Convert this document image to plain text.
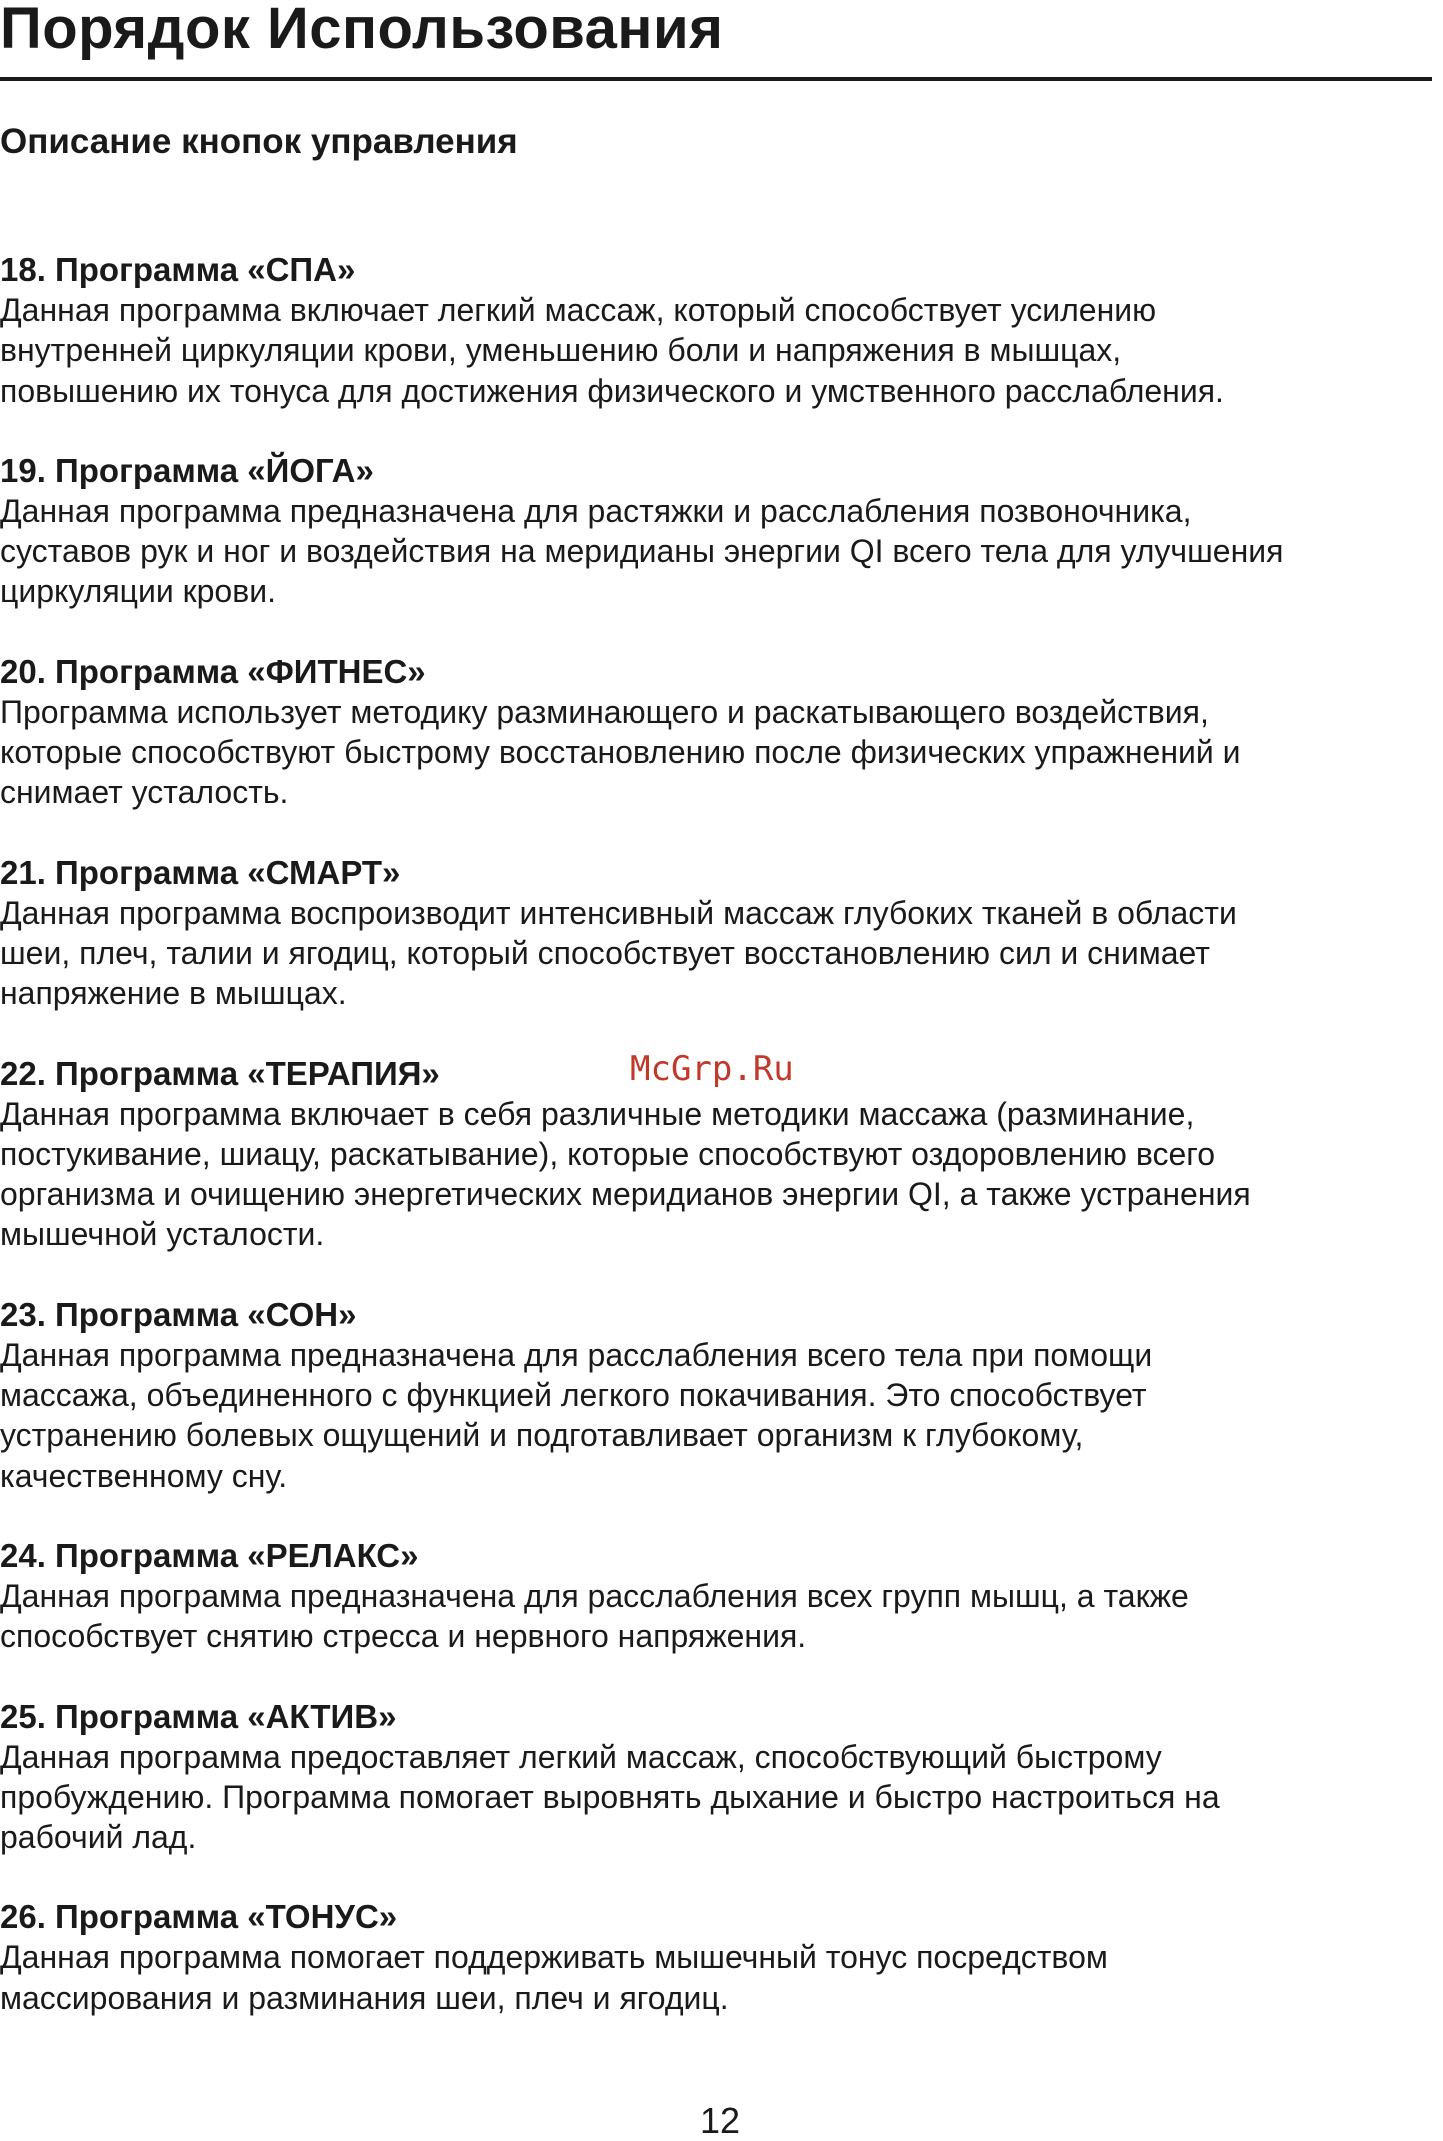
Порядок Использования
Описание кнопок управления
18. Программа «СПА»

Данная программа включает легкий массаж, который способствует усилению
внутренней циркуляции крови, уменьшению боли и напряжения в мышцах,
повышению их тонуса для достижения физического и умственного расслабления.

19. Программа «ЙОГА»

Данная программа предназначена для растяжки и расслабления позвоночника,
суставов рук и ног и воздействия на меридианы энергии QI всего тела для улучшения
циркуляции крови.

20. Программа «ФИТНЕС»

Программа использует методику разминающего и раскатывающего воздействия,
которые способствуют быстрому восстановлению после физических упражнений и
снимает усталость.

21. Программа «СМАРТ»

Данная программа воспроизводит интенсивный массаж глубоких тканей в области
шеи, плеч, талии и ягодиц, который способствует восстановлению сил и снимает
напряжение в мышцах.

22. Программа «ТЕРАПИЯ»

Данная программа включает в себя различные методики массажа (разминание,
постукивание, шиацу, раскатывание), которые способствуют оздоровлению всего
организма и очищению энергетических меридианов энергии QI, а также устранения
мышечной усталости.

23. Программа «СОН»

Данная программа предназначена для расслабления всего тела при помощи
массажа, объединенного с функцией легкого покачивания. Это способствует
устранению болевых ощущений и подготавливает организм к глубокому,
качественному сну.

24. Программа «РЕЛАКС»

Данная программа предназначена для расслабления всех групп мышц, а также
способствует снятию стресса и нервного напряжения.

25. Программа «АКТИВ»

Данная программа предоставляет легкий массаж, способствующий быстрому
пробуждению. Программа помогает выровнять дыхание и быстро настроиться на
рабочий лад.

26. Программа «ТОНУС»

Данная программа помогает поддерживать мышечный тонус посредством
массирования и разминания шеи, плеч и ягодиц.

McGrp.Ru
12
